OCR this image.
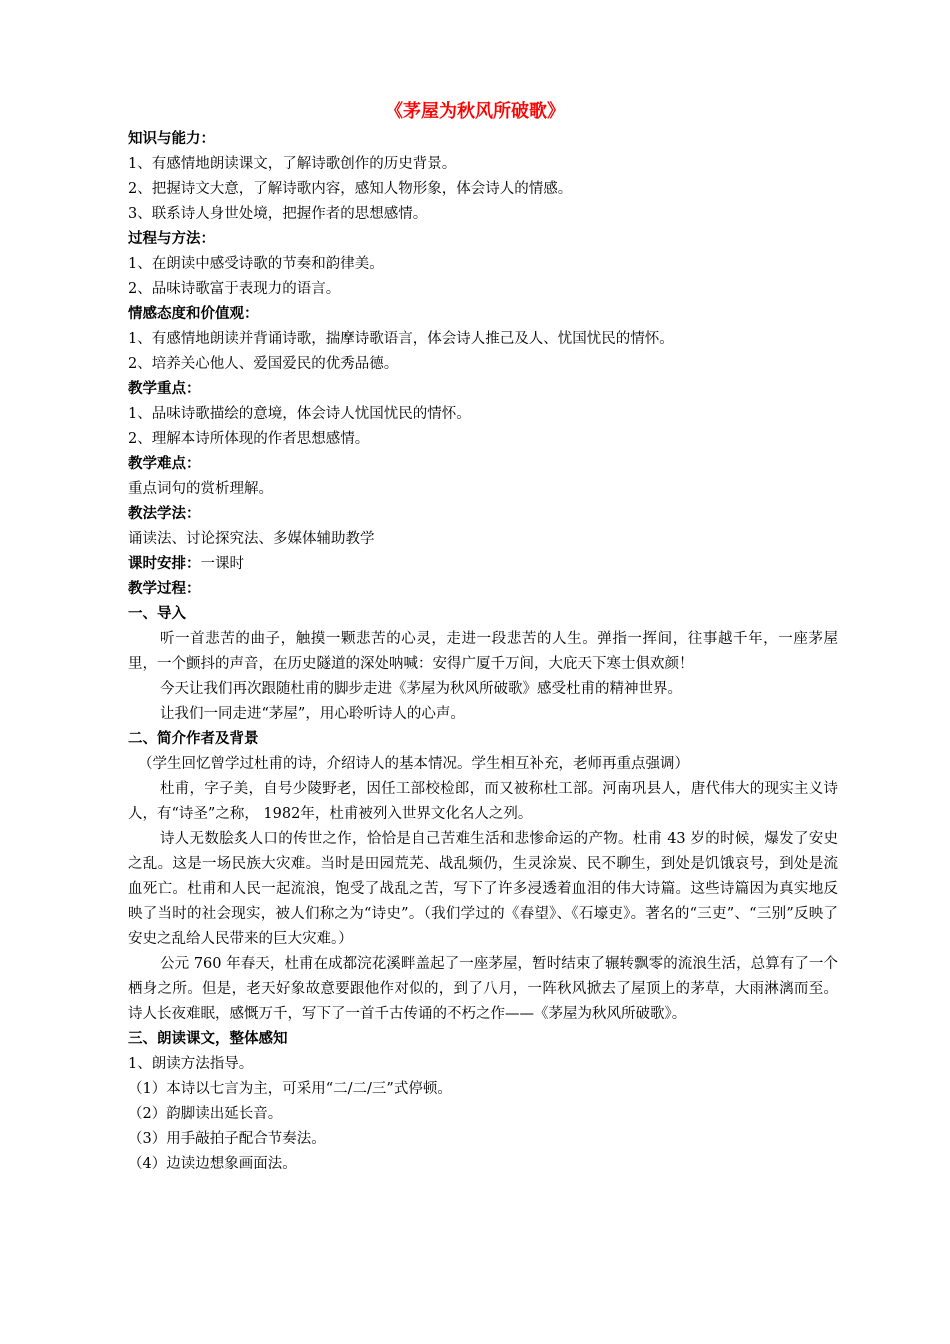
《茅屋为秋风所破歌》
知识与能力：
1、有感情地朗读课文，了解诗歌创作的历史背景。
2、把握诗文大意，了解诗歌内容，感知人物形象，体会诗人的情感。
3、联系诗人身世处境，把握作者的思想感情。
过程与方法：
1、在朗读中感受诗歌的节奏和韵律美。
2、品味诗歌富于表现力的语言。
情感态度和价值观：
1、有感情地朗读并背诵诗歌，揣摩诗歌语言，体会诗人推己及人、忧国忧民的情怀。
2、培养关心他人、爱国爱民的优秀品德。
教学重点：
1、品味诗歌描绘的意境，体会诗人忧国忧民的情怀。
2、理解本诗所体现的作者思想感情。
教学难点：
重点词句的赏析理解。
教法学法：
诵读法、讨论探究法、多媒体辅助教学
课时安排：一课时
教学过程：
一、导入
听一首悲苦的曲子，触摸一颗悲苦的心灵，走进一段悲苦的人生。弹指一挥间，往事越千年，一座茅屋里，一个颤抖的声音，在历史隧道的深处呐喊：安得广厦千万间，大庇天下寒士俱欢颜！
今天让我们再次跟随杜甫的脚步走进《茅屋为秋风所破歌》感受杜甫的精神世界。
让我们一同走进“茅屋”，用心聆听诗人的心声。
二、简介作者及背景
（学生回忆曾学过杜甫的诗，介绍诗人的基本情况。学生相互补充，老师再重点强调）
杜甫，字子美，自号少陵野老，因任工部校检郎，而又被称杜工部。河南巩县人，唐代伟大的现实主义诗人，有“诗圣”之称， 1982年，杜甫被列入世界文化名人之列。
诗人无数脍炙人口的传世之作，恰恰是自己苦难生活和悲惨命运的产物。杜甫 43 岁的时候，爆发了安史之乱。这是一场民族大灾难。当时是田园荒芜、战乱频仍，生灵涂炭、民不聊生，到处是饥饿哀号，到处是流血死亡。杜甫和人民一起流浪，饱受了战乱之苦，写下了许多浸透着血泪的伟大诗篇。这些诗篇因为真实地反映了当时的社会现实，被人们称之为“诗史”。（我们学过的《春望》、《石壕吏》。著名的“三吏”、“三别”反映了安史之乱给人民带来的巨大灾难。）
公元 760 年春天，杜甫在成都浣花溪畔盖起了一座茅屋，暂时结束了辗转飘零的流浪生活，总算有了一个栖身之所。但是，老天好象故意要跟他作对似的，到了八月，一阵秋风掀去了屋顶上的茅草，大雨淋漓而至。诗人长夜难眠，感慨万千，写下了一首千古传诵的不朽之作——《茅屋为秋风所破歌》。
三、朗读课文，整体感知
1、朗读方法指导。
（1）本诗以七言为主，可采用“二/二/三”式停顿。
（2）韵脚读出延长音。
（3）用手敲拍子配合节奏法。
（4）边读边想象画面法。
